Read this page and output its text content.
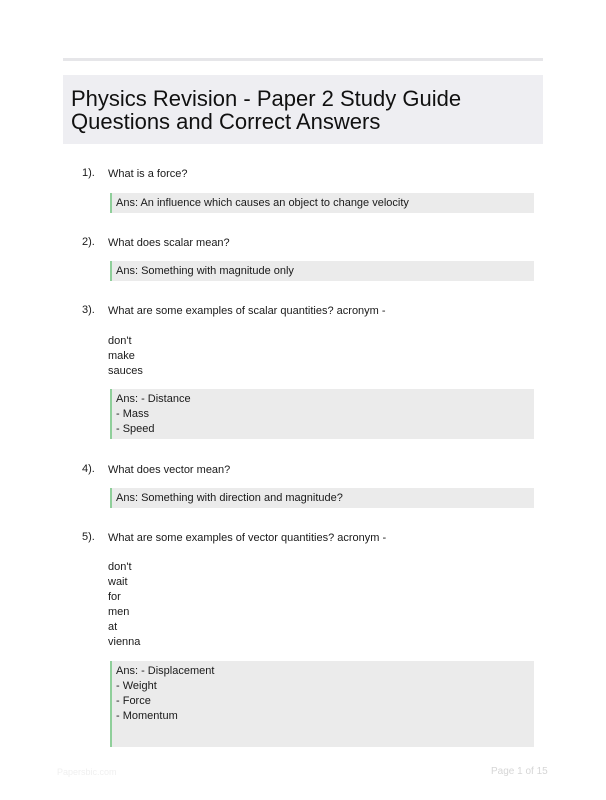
Physics Revision - Paper 2 Study Guide
Questions and Correct Answers
1). What is a force?
Ans: An influence which causes an object to change velocity
2). What does scalar mean?
Ans: Something with magnitude only
3). What are some examples of scalar quantities? acronym -
don't
make
sauces
Ans: - Distance
- Mass
- Speed
4). What does vector mean?
Ans: Something with direction and magnitude?
5). What are some examples of vector quantities? acronym -
don't
wait
for
men
at
vienna
Ans: - Displacement
- Weight
- Force
- Momentum
Papersbic.com	Page 1 of 15
